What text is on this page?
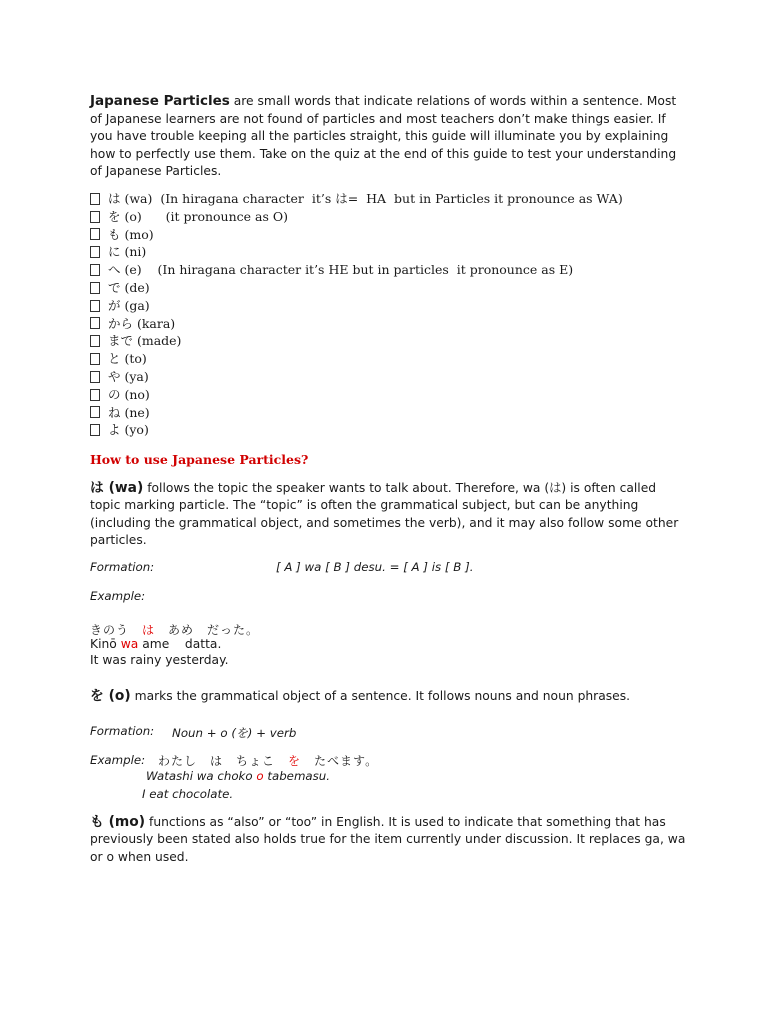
Japanese Particles are small words that indicate relations of words within a sentence. Most of Japanese learners are not found of particles and most teachers don’t make things easier. If you have trouble keeping all the particles straight, this guide will illuminate you by explaining how to perfectly use them. Take on the quiz at the end of this guide to test your understanding of Japanese Particles.

は (wa)  (In hiragana character  it’s は=  HA  but in Particles it pronounce as WA)
を (o)      (it pronounce as O)
も (mo)
に (ni)
へ (e)    (In hiragana character it’s HE but in particles  it pronounce as E)
で (de)
が (ga)
から (kara)
まで (made)
と (to)
や (ya)
の (no)
ね (ne)
よ (yo)
How to use Japanese Particles?

は (wa) follows the topic the speaker wants to talk about. Therefore, wa (は) is often called topic marking particle. The “topic” is often the grammatical subject, but can be anything (including the grammatical object, and sometimes the verb), and it may also follow some other particles.

Formation:	[ A ] wa [ B ] desu. = [ A ] is [ B ].
Example:
きのう　は　あめ　だった。
Kinō wa ame    datta.
It was rainy yesterday.

を (o) marks the grammatical object of a sentence. It follows nouns and noun phrases.

Formation: Noun + o (を) + verb
Example: わたし　は　ちょこ　を　たべます。
Watashi wa choko o tabemasu.
I eat chocolate.

も (mo) functions as “also” or “too” in English. It is used to indicate that something that has previously been stated also holds true for the item currently under discussion. It replaces ga, wa or o when used.
